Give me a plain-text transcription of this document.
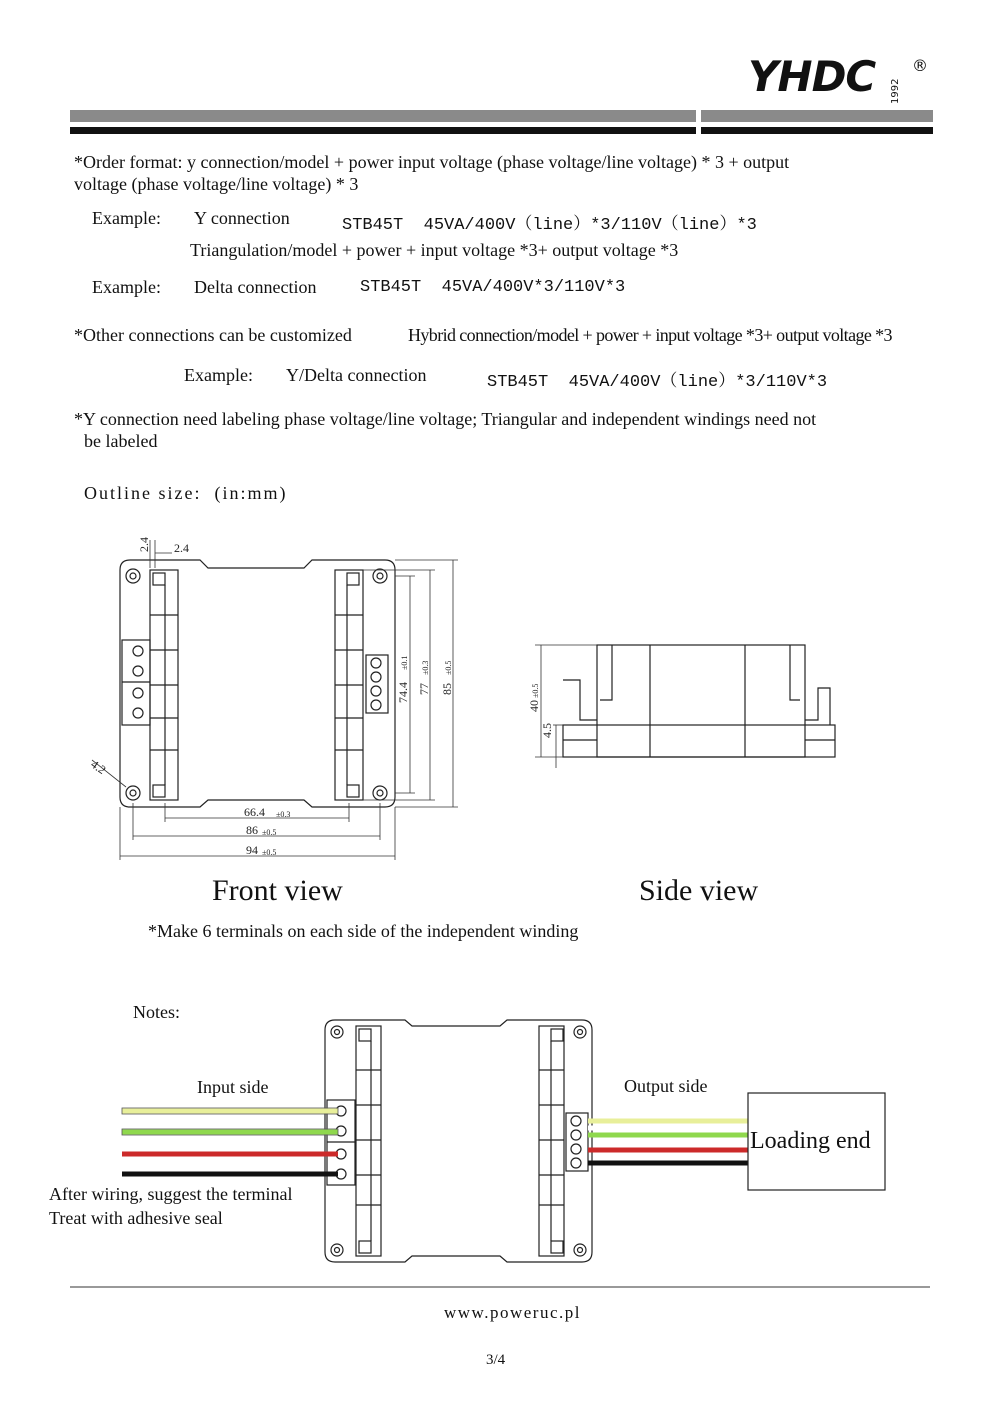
YHDC 1992
®
*Order format: y connection/model + power input voltage (phase voltage/line voltage) * 3 + output
voltage (phase voltage/line voltage) * 3
Example: Y connection	STB45T  45VA/400V（line）*3/110V（line）*3
Triangulation/model + power + input voltage *3+ output voltage *3
Example: Delta connection	STB45T  45VA/400V*3/110V*3
*Other connections can be customized	Hybrid connection/model + power + input voltage *3+ output voltage *3
Example: Y/Delta connection	STB45T  45VA/400V（line）*3/110V*3
*Y connection need labeling phase voltage/line voltage; Triangular and independent windings need not
be labeled
Outline size:  (in:mm)
2.4 2.4
4.2
66.4 ±0.3
86 ±0.5
94 ±0.5
74.4
±0.1
77
±0.3
85
±0.5
40
±0.5
4.5
Front view	Side view
*Make 6 terminals on each side of the independent winding
Notes:
Input side	Output side
Loading end
After wiring, suggest the terminal
Treat with adhesive seal
www.poweruc.pl
3/4
